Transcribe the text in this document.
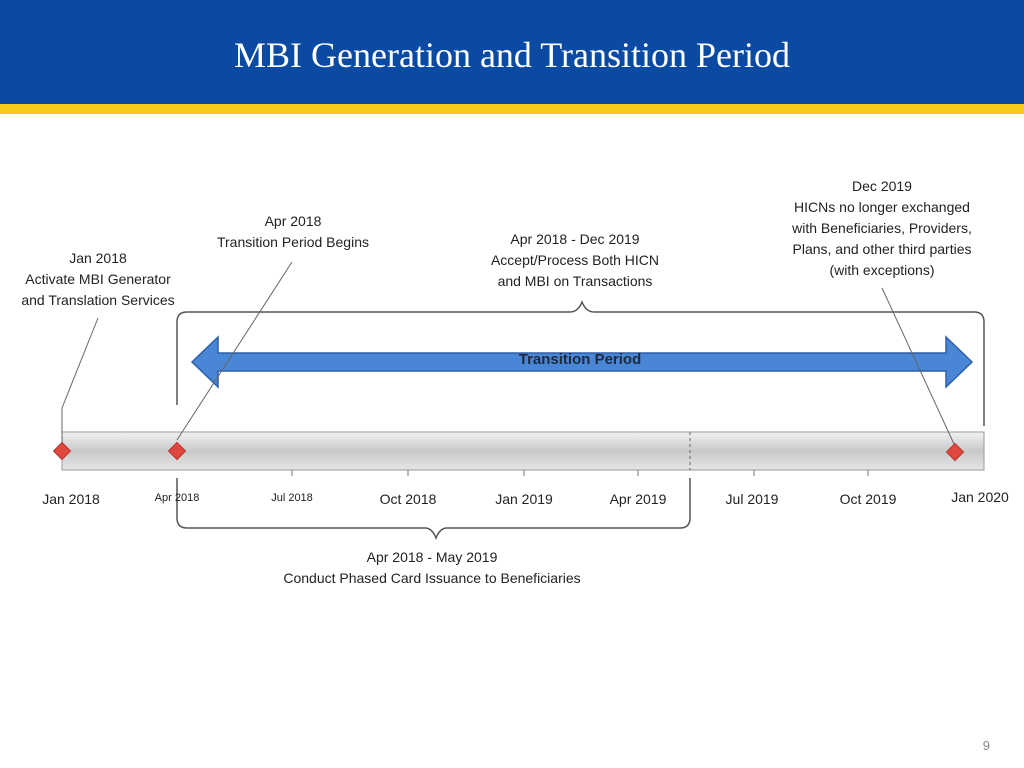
MBI Generation and Transition Period
Transition Period
Jan 2018
Activate MBI Generator
and Translation Services
Apr 2018
Transition Period Begins	Apr 2018 - Dec 2019
Accept/Process Both HICN
and MBI on Transactions
Dec 2019
HICNs no longer exchanged
with Beneficiaries, Providers,
Plans, and other third parties
(with exceptions)
Apr 2018 - May 2019
Conduct Phased Card Issuance to Beneficiaries
Jan 2018	Apr 2018	Jul 2018	Oct 2018	Jan 2019	Apr 2019	Jul 2019	Oct 2019	Jan 2020
9
